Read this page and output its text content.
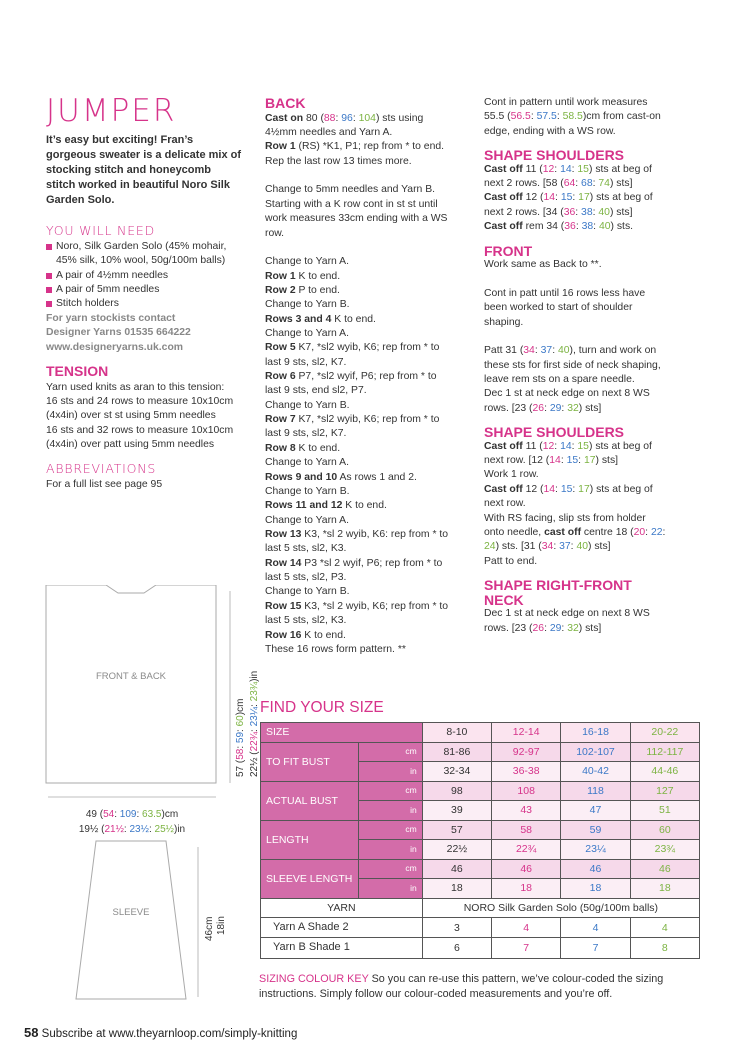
JUMPER
It’s easy but exciting! Fran’s gorgeous sweater is a delicate mix of stocking stitch and honeycomb stitch worked in beautiful Noro Silk Garden Solo.
YOU WILL NEED
Noro, Silk Garden Solo (45% mohair, 45% silk, 10% wool, 50g/100m balls)
A pair of 4½mm needles
A pair of 5mm needles
Stitch holders
For yarn stockists contact
Designer Yarns 01535 664222
www.designeryarns.uk.com
TENSION
Yarn used knits as aran to this tension:
16 sts and 24 rows to measure 10x10cm
(4x4in) over st st using 5mm needles
16 sts and 32 rows to measure 10x10cm
(4x4in) over patt using 5mm needles
ABBREVIATIONS
For a full list see page 95
FRONT & BACK
57 (58: 59: 60)cm
22½ (22¾: 23¼: 23¾)in
49 (54: 109: 63.5)cm
19½ (21½: 23½: 25½)in
SLEEVE
46cm 18in
BACK
Cast on 80 (88: 96: 104) sts using
4½mm needles and Yarn A.
Row 1 (RS) *K1, P1; rep from * to end.
Rep the last row 13 times more.
Change to 5mm needles and Yarn B.
Starting with a K row cont in st st until
work measures 33cm ending with a WS
row.
Change to Yarn A.
Row 1 K to end.
Row 2 P to end.
Change to Yarn B.
Rows 3 and 4 K to end.
Change to Yarn A.
Row 5 K7, *sl2 wyib, K6; rep from * to
last 9 sts, sl2, K7.
Row 6 P7, *sl2 wyif, P6; rep from * to
last 9 sts, end sl2, P7.
Change to Yarn B.
Row 7 K7, *sl2 wyib, K6; rep from * to
last 9 sts, sl2, K7.
Row 8 K to end.
Change to Yarn A.
Rows 9 and 10 As rows 1 and 2.
Change to Yarn B.
Rows 11 and 12 K to end.
Change to Yarn A.
Row 13 K3, *sl 2 wyib, K6: rep from * to
last 5 sts, sl2, K3.
Row 14 P3 *sl 2 wyif, P6; rep from * to
last 5 sts, sl2, P3.
Change to Yarn B.
Row 15 K3, *sl 2 wyib, K6; rep from * to
last 5 sts, sl2, K3.
Row 16 K to end.
These 16 rows form pattern. **
Cont in pattern until work measures
55.5 (56.5: 57.5: 58.5)cm from cast-on
edge, ending with a WS row.
SHAPE SHOULDERS
Cast off 11 (12: 14: 15) sts at beg of
next 2 rows. [58 (64: 68: 74) sts]
Cast off 12 (14: 15: 17) sts at beg of
next 2 rows. [34 (36: 38: 40) sts]
Cast off rem 34 (36: 38: 40) sts.
FRONT
Work same as Back to **.
Cont in patt until 16 rows less have
been worked to start of shoulder
shaping.
Patt 31 (34: 37: 40), turn and work on
these sts for first side of neck shaping,
leave rem sts on a spare needle.
Dec 1 st at neck edge on next 8 WS
rows. [23 (26: 29: 32) sts]
SHAPE SHOULDERS
Cast off 11 (12: 14: 15) sts at beg of
next row. [12 (14: 15: 17) sts]
Work 1 row.
Cast off 12 (14: 15: 17) sts at beg of
next row.
With RS facing, slip sts from holder
onto needle, cast off centre 18 (20: 22:
24) sts. [31 (34: 37: 40) sts]
Patt to end.
SHAPE RIGHT-FRONT
NECK
Dec 1 st at neck edge on next 8 WS
rows. [23 (26: 29: 32) sts]
FIND YOUR SIZE
SIZE		8-10	12-14	16-18	20-22
TO FIT BUST	cm	81-86	92-97	102-107	112-117
	in	32-34	36-38	40-42	44-46
ACTUAL BUST	cm	98	108	118	127
	in	39	43	47	51
LENGTH	cm	57	58	59	60
	in	22½	22¾	23¼	23¾
SLEEVE LENGTH	cm	46	46	46	46
	in	18	18	18	18
YARN		NORO Silk Garden Solo (50g/100m balls)			
Yarn A Shade 2		3	4	4	4
Yarn B Shade 1		6	7	7	8
SIZING COLOUR KEY So you can re-use this pattern, we’ve colour-coded the sizing
instructions. Simply follow our colour-coded measurements and you’re off.
58 Subscribe at www.theyarnloop.com/simply-knitting
